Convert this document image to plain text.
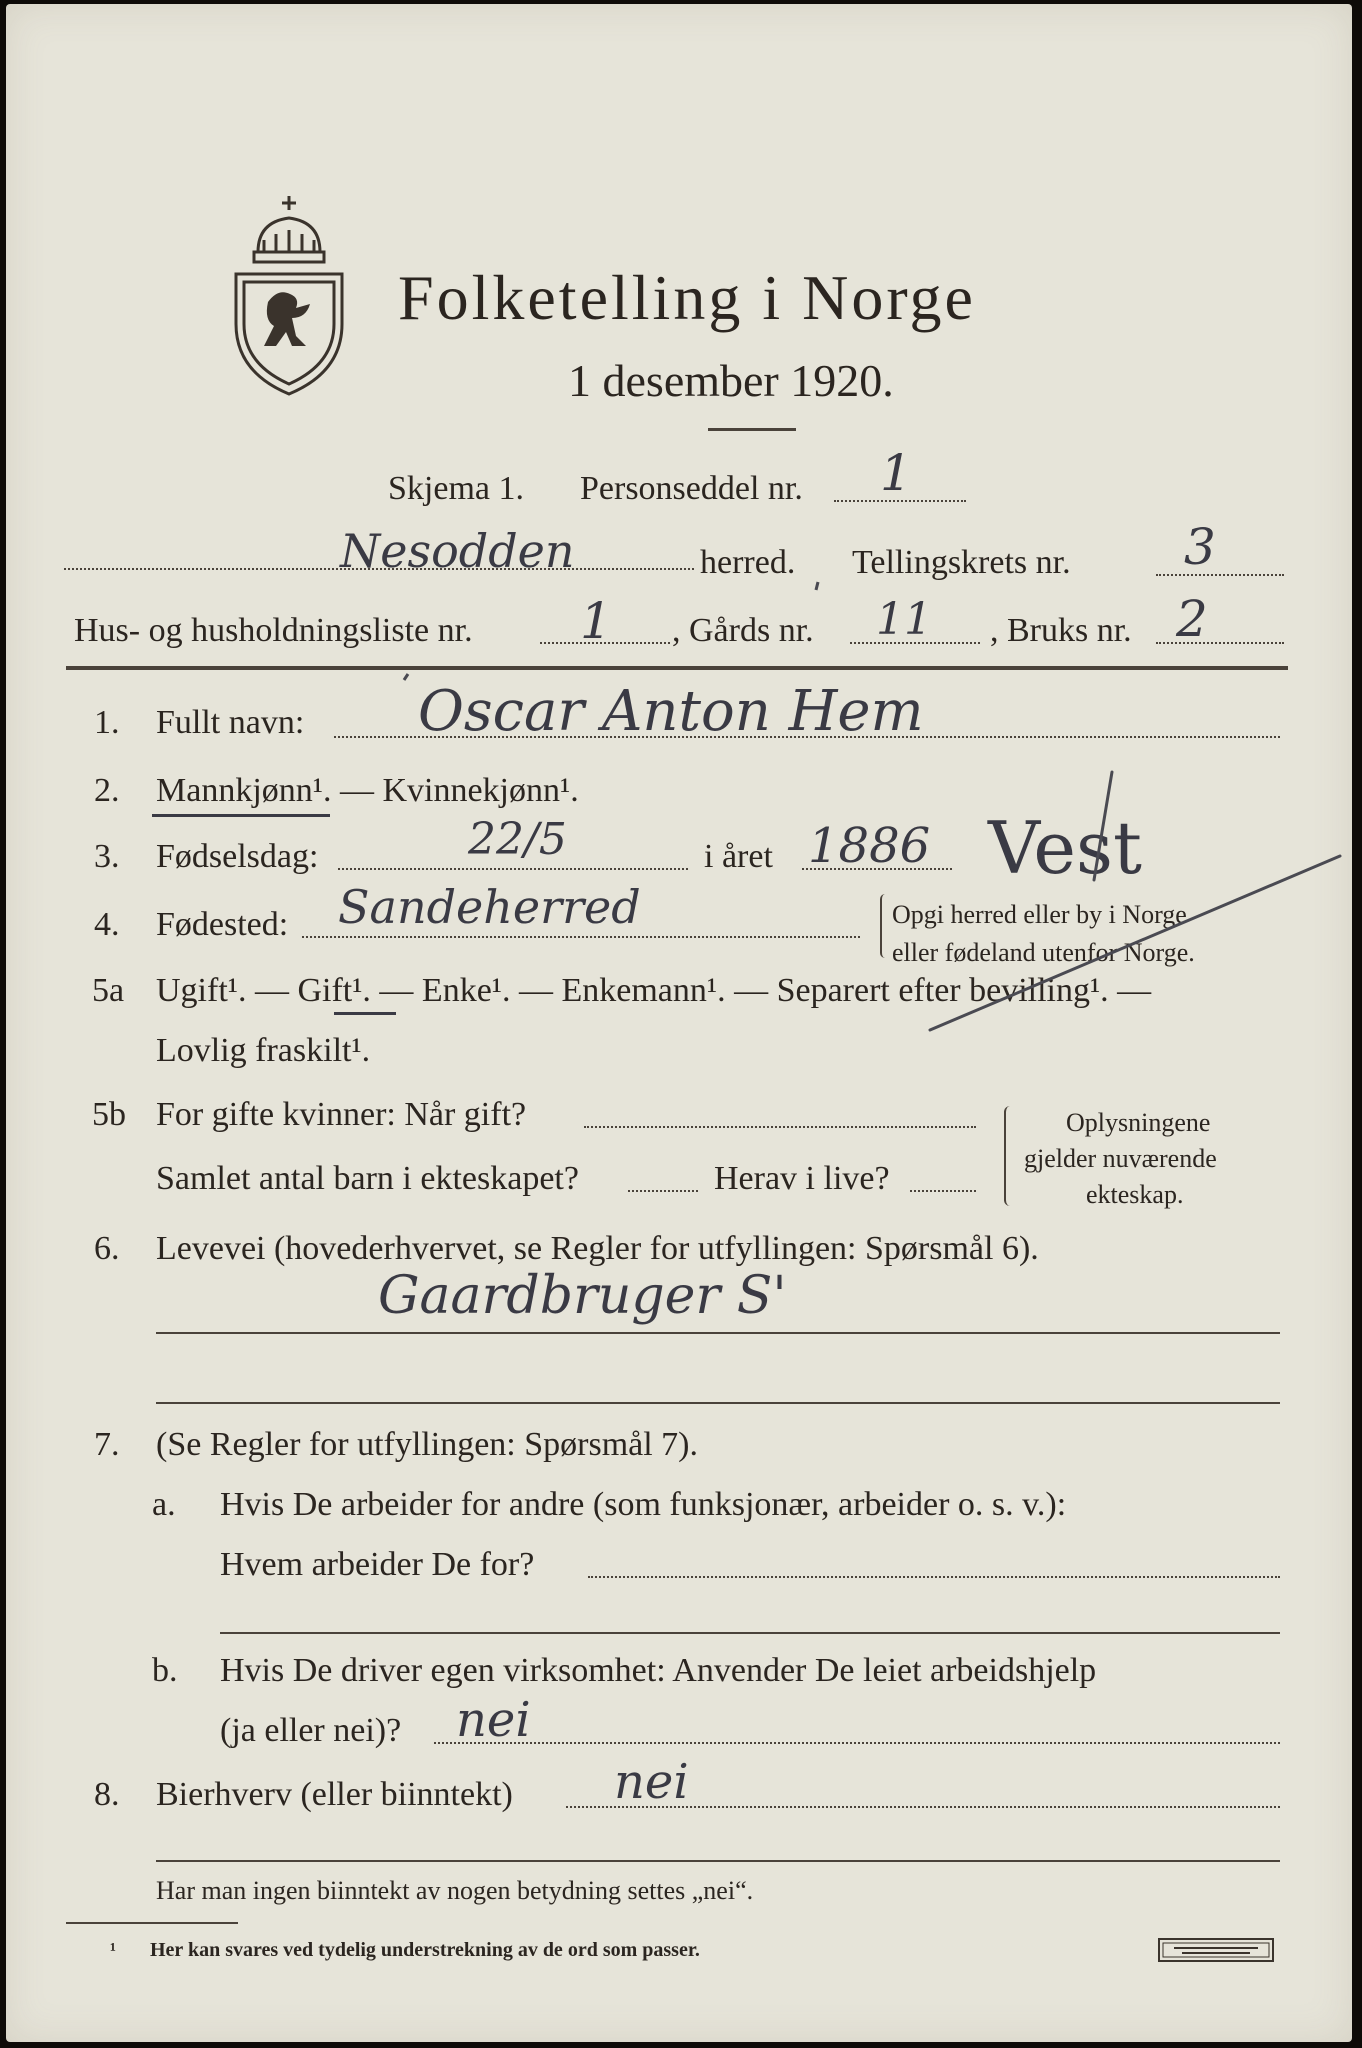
Folketelling i Norge
1 desember 1920.
Skjema 1. Personseddel nr. 1
Nesodden	herred. Tellingskrets nr. 3
Hus- og husholdningsliste nr. 1 , Gårds nr. 11 , Bruks nr. 2
1. Fullt navn: Oscar Anton Hem
2. Mannkjønn¹. — Kvinnekjønn¹.
3. Fødselsdag:	22/5	i året 1886 Vest
4. Fødested: Sandeherred	Opgi herred eller by i Norge
eller fødeland utenfor Norge.
5a Ugift¹. — Gift¹. — Enke¹. — Enkemann¹. — Separert efter bevilling¹. —
Lovlig fraskilt¹.
5b For gifte kvinner: Når gift?
Samlet antal barn i ekteskapet?	Herav i live?
Oplysningene
gjelder nuværende
ekteskap.
6. Levevei (hovederhvervet, se Regler for utfyllingen: Spørsmål 6).
Gaardbruger S'
7. (Se Regler for utfyllingen: Spørsmål 7).
a. Hvis De arbeider for andre (som funksjonær, arbeider o. s. v.):
Hvem arbeider De for?
b. Hvis De driver egen virksomhet: Anvender De leiet arbeidshjelp
(ja eller nei)? nei
8. Bierhverv (eller biinntekt) nei
Har man ingen biinntekt av nogen betydning settes „nei“.
¹ Her kan svares ved tydelig understrekning av de ord som passer.
